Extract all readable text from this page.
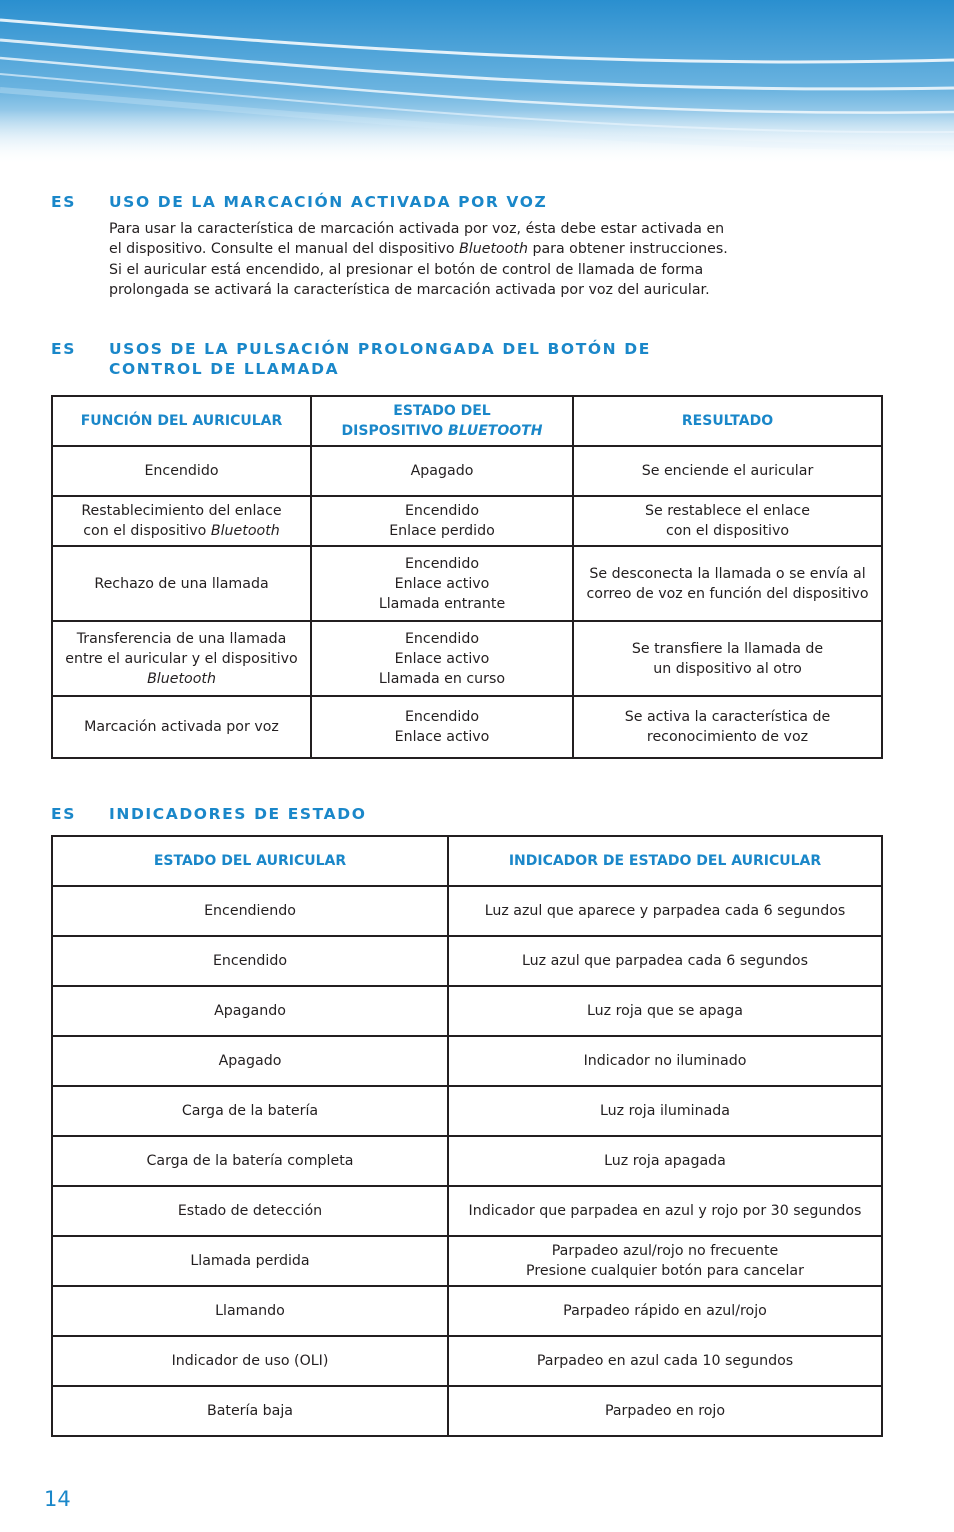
ES USO DE LA MARCACIÓN ACTIVADA POR VOZ

Para usar la característica de marcación activada por voz, ésta debe estar activada en

el dispositivo. Consulte el manual del dispositivo Bluetooth para obtener instrucciones.

Si el auricular está encendido, al presionar el botón de control de llamada de forma

prolongada se activará la característica de marcación activada por voz del auricular.

ES USOS DE LA PULSACIÓN PROLONGADA DEL BOTÓN DE
CONTROL DE LLAMADA
FUNCIÓN DEL AURICULAR	ESTADO DEL
DISPOSITIVO BLUETOOTH	RESULTADO
Encendido	Apagado	Se enciende el auricular

Restablecimiento del enlace
con el dispositivo Bluetooth	Encendido
Enlace perdido	Se restablece el enlace
con el dispositivo

Rechazo de una llamada	Encendido
Enlace activo
Llamada entrante	Se desconecta la llamada o se envía al
correo de voz en función del dispositivo

Transferencia de una llamada
entre el auricular y el dispositivo
Bluetooth	Encendido
Enlace activo
Llamada en curso	Se transfiere la llamada de
un dispositivo al otro

Marcación activada por voz	Encendido
Enlace activo	Se activa la característica de
reconocimiento de voz
ES INDICADORES DE ESTADO
ESTADO DEL AURICULAR	INDICADOR DE ESTADO DEL AURICULAR
Encendiendo	Luz azul que aparece y parpadea cada 6 segundos

Encendido	Luz azul que parpadea cada 6 segundos

Apagando	Luz roja que se apaga

Apagado	Indicador no iluminado

Carga de la batería	Luz roja iluminada

Carga de la batería completa	Luz roja apagada

Estado de detección	Indicador que parpadea en azul y rojo por 30 segundos

Llamada perdida	Parpadeo azul/rojo no frecuente
Presione cualquier botón para cancelar

Llamando	Parpadeo rápido en azul/rojo

Indicador de uso (OLI)	Parpadeo en azul cada 10 segundos

Batería baja	Parpadeo en rojo
14
